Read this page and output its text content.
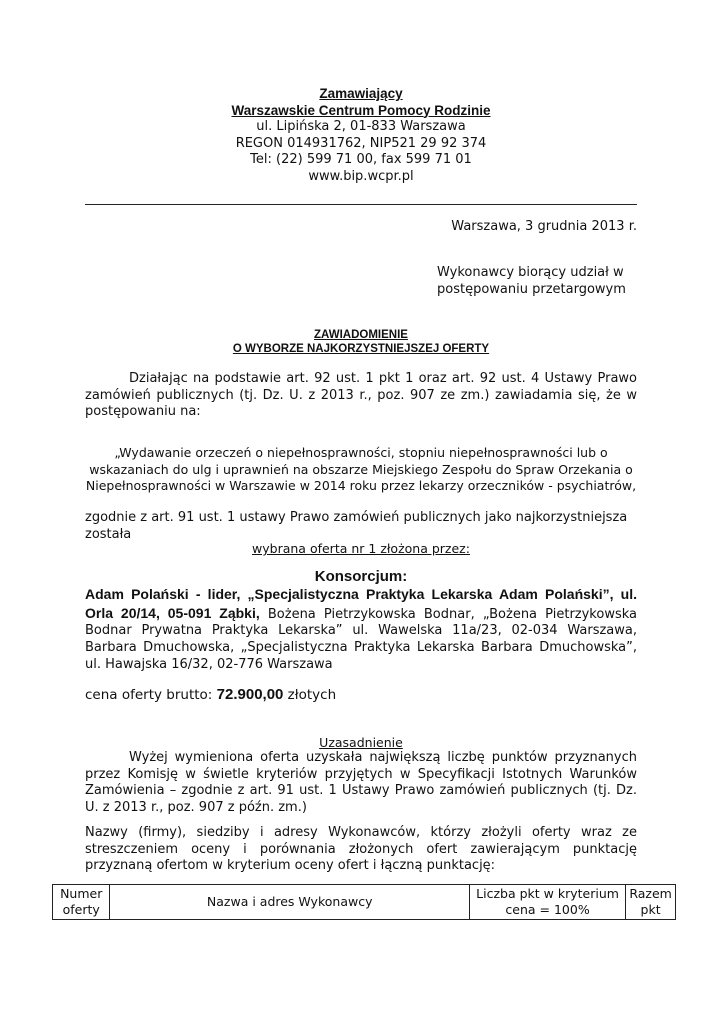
Zamawiający
Warszawskie Centrum Pomocy Rodzinie
ul. Lipińska 2, 01-833 Warszawa
REGON 014931762, NIP521 29 92 374
Tel: (22) 599 71 00, fax 599 71 01
www.bip.wcpr.pl
Warszawa, 3 grudnia 2013 r.
Wykonawcy biorący udział w
postępowaniu przetargowym
ZAWIADOMIENIE
O WYBORZE NAJKORZYSTNIEJSZEJ OFERTY
Działając na podstawie art. 92 ust. 1 pkt 1 oraz art. 92 ust. 4 Ustawy Prawo zamówień publicznych (tj. Dz. U. z 2013 r., poz. 907 ze zm.) zawiadamia się, że w postępowaniu na:
„Wydawanie orzeczeń o niepełnosprawności, stopniu niepełnosprawności lub o wskazaniach do ulg i uprawnień na obszarze Miejskiego Zespołu do Spraw Orzekania o Niepełnosprawności w Warszawie w 2014 roku przez lekarzy orzeczników - psychiatrów,
zgodnie z art. 91 ust. 1 ustawy Prawo zamówień publicznych jako najkorzystniejsza została
wybrana oferta nr 1 złożona przez:
Konsorcjum:
Adam Polański - lider, „Specjalistyczna Praktyka Lekarska Adam Polański”, ul. Orla 20/14, 05-091 Ząbki, Bożena Pietrzykowska Bodnar, „Bożena Pietrzykowska Bodnar Prywatna Praktyka Lekarska” ul. Wawelska 11a/23, 02-034 Warszawa, Barbara Dmuchowska, „Specjalistyczna Praktyka Lekarska Barbara Dmuchowska”, ul. Hawajska 16/32, 02-776 Warszawa
cena oferty brutto: 72.900,00 złotych
Uzasadnienie
Wyżej wymieniona oferta uzyskała największą liczbę punktów przyznanych przez Komisję w świetle kryteriów przyjętych w Specyfikacji Istotnych Warunków Zamówienia – zgodnie z art. 91 ust. 1 Ustawy Prawo zamówień publicznych (tj. Dz. U. z 2013 r., poz. 907 z późn. zm.)
Nazwy (firmy), siedziby i adresy Wykonawców, którzy złożyli oferty wraz ze streszczeniem oceny i porównania złożonych ofert zawierającym punktację przyznaną ofertom w kryterium oceny ofert i łączną punktację:
Numer oferty	Nazwa i adres Wykonawcy	Liczba pkt w kryterium cena = 100%	Razem pkt
